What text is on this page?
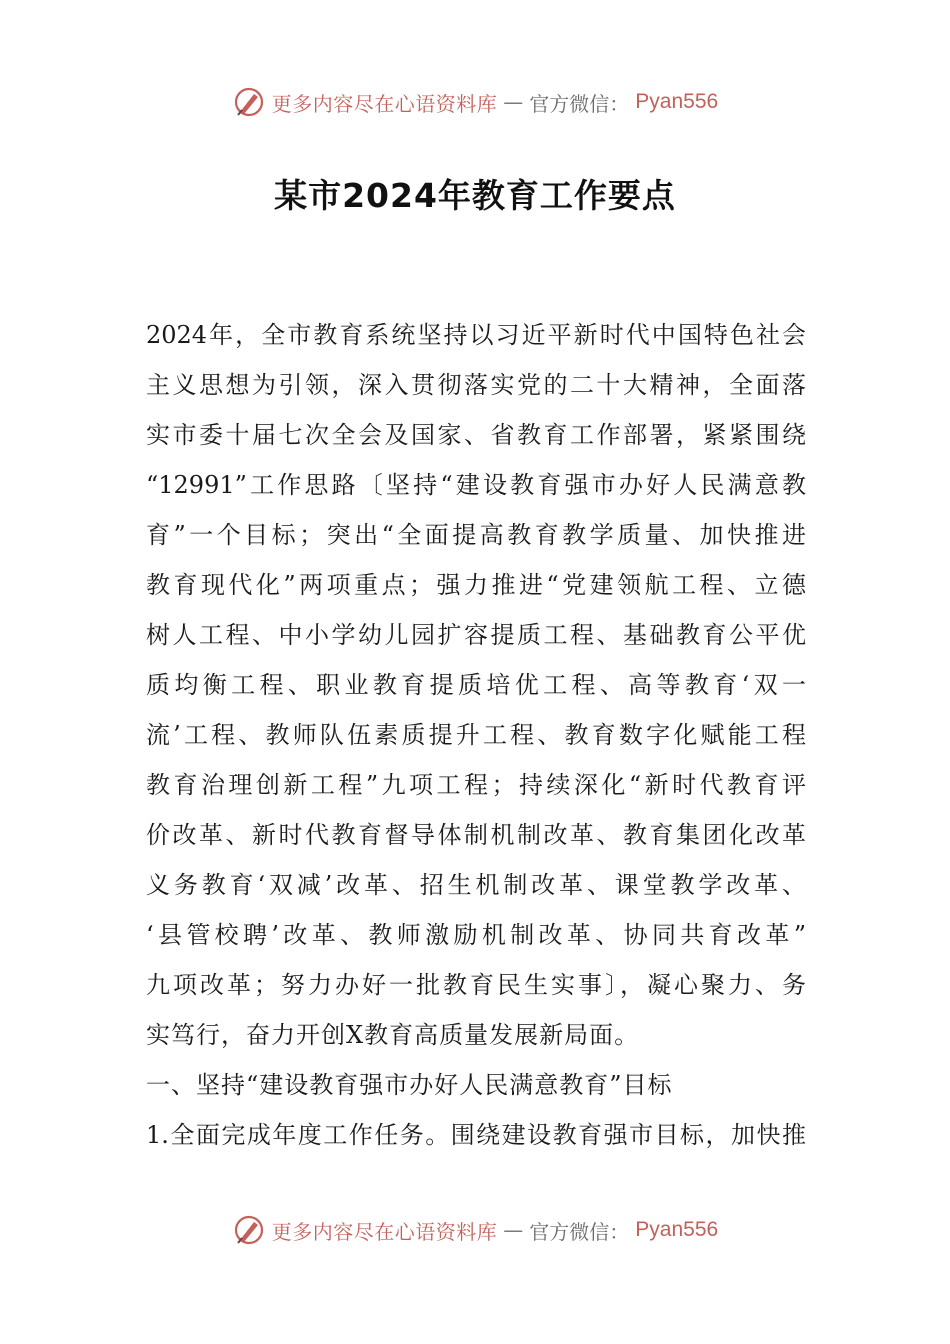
更多内容尽在心语资料库 — 官方微信： Pyan556
某市2024年教育工作要点
2024年，全市教育系统坚持以习近平新时代中国特色社会
主义思想为引领，深入贯彻落实党的二十大精神，全面落
实市委十届七次全会及国家、省教育工作部署，紧紧围绕
“12991”工作思路〔坚持“建设教育强市办好人民满意教
育”一个目标；突出“全面提高教育教学质量、加快推进
教育现代化”两项重点；强力推进“党建领航工程、立德
树人工程、中小学幼儿园扩容提质工程、基础教育公平优
质均衡工程、职业教育提质培优工程、高等教育‘双一
流’工程、教师队伍素质提升工程、教育数字化赋能工程
教育治理创新工程”九项工程；持续深化“新时代教育评
价改革、新时代教育督导体制机制改革、教育集团化改革
义务教育‘双减’改革、招生机制改革、课堂教学改革、
‘县管校聘’改革、教师激励机制改革、协同共育改革”
九项改革；努力办好一批教育民生实事〕，凝心聚力、务
实笃行，奋力开创X教育高质量发展新局面。
一、坚持“建设教育强市办好人民满意教育”目标
1.全面完成年度工作任务。围绕建设教育强市目标，加快推
更多内容尽在心语资料库 — 官方微信： Pyan556
